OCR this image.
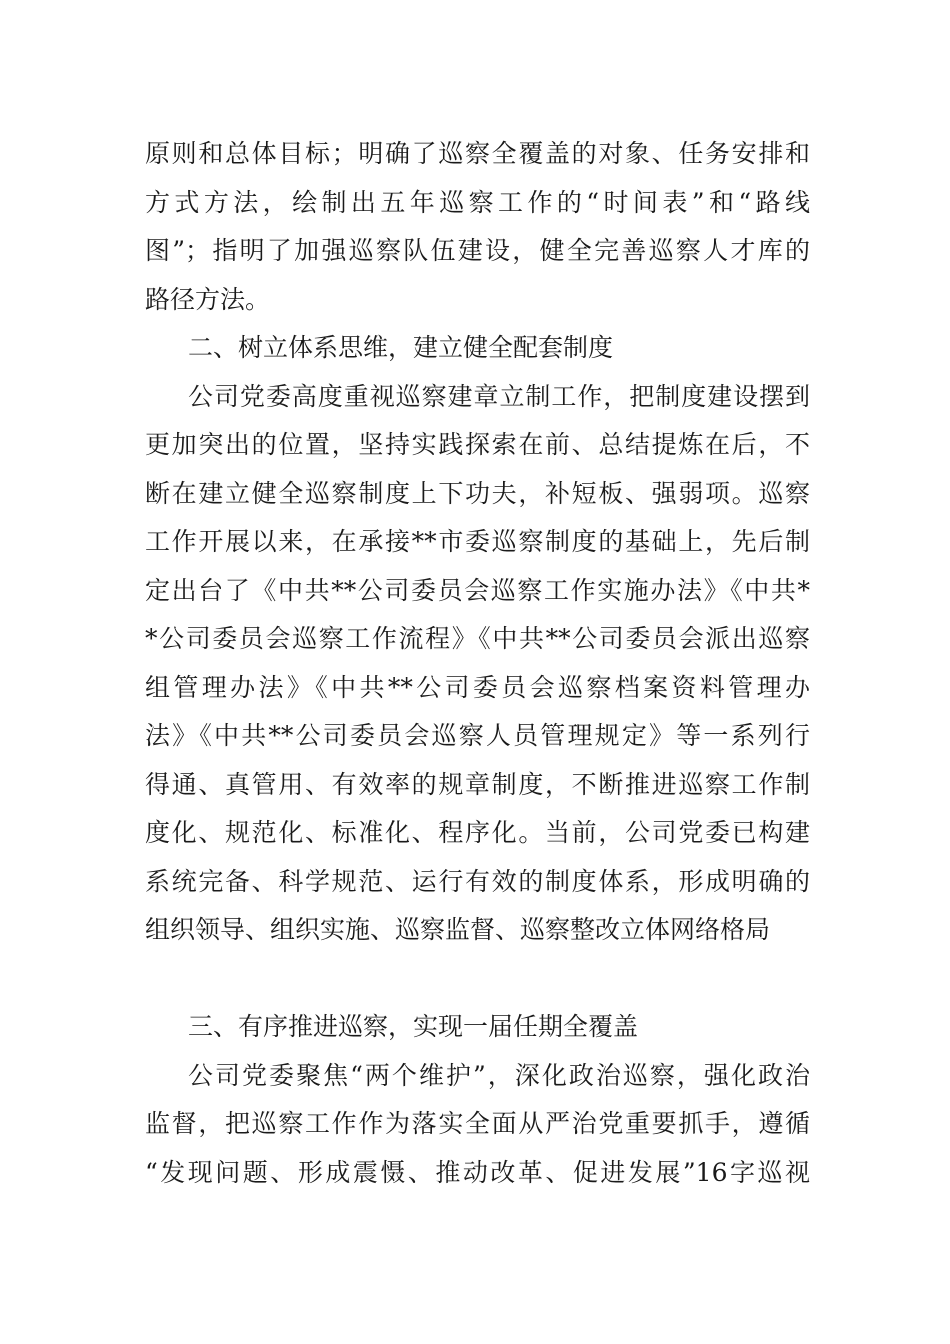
原则和总体目标；明确了巡察全覆盖的对象、任务安排和
方式方法，绘制出五年巡察工作的“时间表”和“路线
图”；指明了加强巡察队伍建设，健全完善巡察人才库的
路径方法。
二、树立体系思维，建立健全配套制度
公司党委高度重视巡察建章立制工作，把制度建设摆到
更加突出的位置，坚持实践探索在前、总结提炼在后，不
断在建立健全巡察制度上下功夫，补短板、强弱项。巡察
工作开展以来，在承接**市委巡察制度的基础上，先后制
定出台了《中共**公司委员会巡察工作实施办法》《中共*
*公司委员会巡察工作流程》《中共**公司委员会派出巡察
组管理办法》《中共**公司委员会巡察档案资料管理办
法》《中共**公司委员会巡察人员管理规定》等一系列行
得通、真管用、有效率的规章制度，不断推进巡察工作制
度化、规范化、标准化、程序化。当前，公司党委已构建
系统完备、科学规范、运行有效的制度体系，形成明确的
组织领导、组织实施、巡察监督、巡察整改立体网络格局
三、有序推进巡察，实现一届任期全覆盖
公司党委聚焦“两个维护”，深化政治巡察，强化政治
监督，把巡察工作作为落实全面从严治党重要抓手，遵循
“发现问题、形成震慑、推动改革、促进发展”16字巡视
